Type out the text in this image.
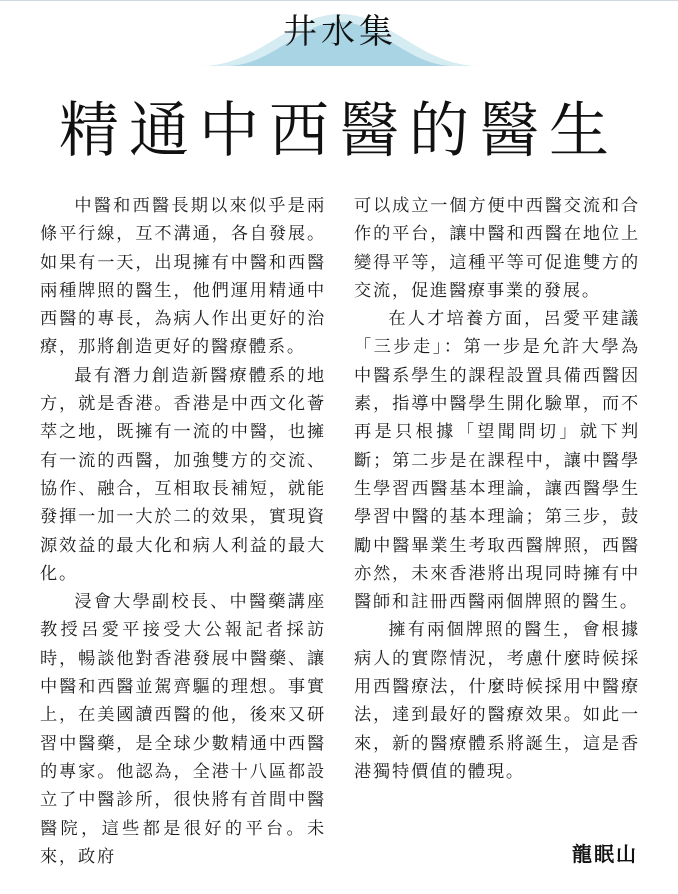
井水集
精通中西醫的醫生

中醫和西醫長期以來似乎是兩條平行線，互不溝通，各自發展。如果有一天，出現擁有中醫和西醫兩種牌照的醫生，他們運用精通中西醫的專長，為病人作出更好的治療，那將創造更好的醫療體系。

最有潛力創造新醫療體系的地方，就是香港。香港是中西文化薈萃之地，既擁有一流的中醫，也擁有一流的西醫，加強雙方的交流、協作、融合，互相取長補短，就能發揮一加一大於二的效果，實現資源效益的最大化和病人利益的最大化。

浸會大學副校長、中醫藥講座教授呂愛平接受大公報記者採訪時，暢談他對香港發展中醫藥、讓中醫和西醫並駕齊驅的理想。事實上，在美國讀西醫的他，後來又研習中醫藥，是全球少數精通中西醫的專家。他認為，全港十八區都設立了中醫診所，很快將有首間中醫醫院，這些都是很好的平台。未來，政府

可以成立一個方便中西醫交流和合作的平台，讓中醫和西醫在地位上變得平等，這種平等可促進雙方的交流，促進醫療事業的發展。

在人才培養方面，呂愛平建議「三步走」：第一步是允許大學為中醫系學生的課程設置具備西醫因素，指導中醫學生開化驗單，而不再是只根據「望聞問切」就下判斷；第二步是在課程中，讓中醫學生學習西醫基本理論，讓西醫學生學習中醫的基本理論；第三步，鼓勵中醫畢業生考取西醫牌照，西醫亦然，未來香港將出現同時擁有中醫師和註冊西醫兩個牌照的醫生。

擁有兩個牌照的醫生，會根據病人的實際情況，考慮什麼時候採用西醫療法，什麼時候採用中醫療法，達到最好的醫療效果。如此一來，新的醫療體系將誕生，這是香港獨特價值的體現。

龍眠山
